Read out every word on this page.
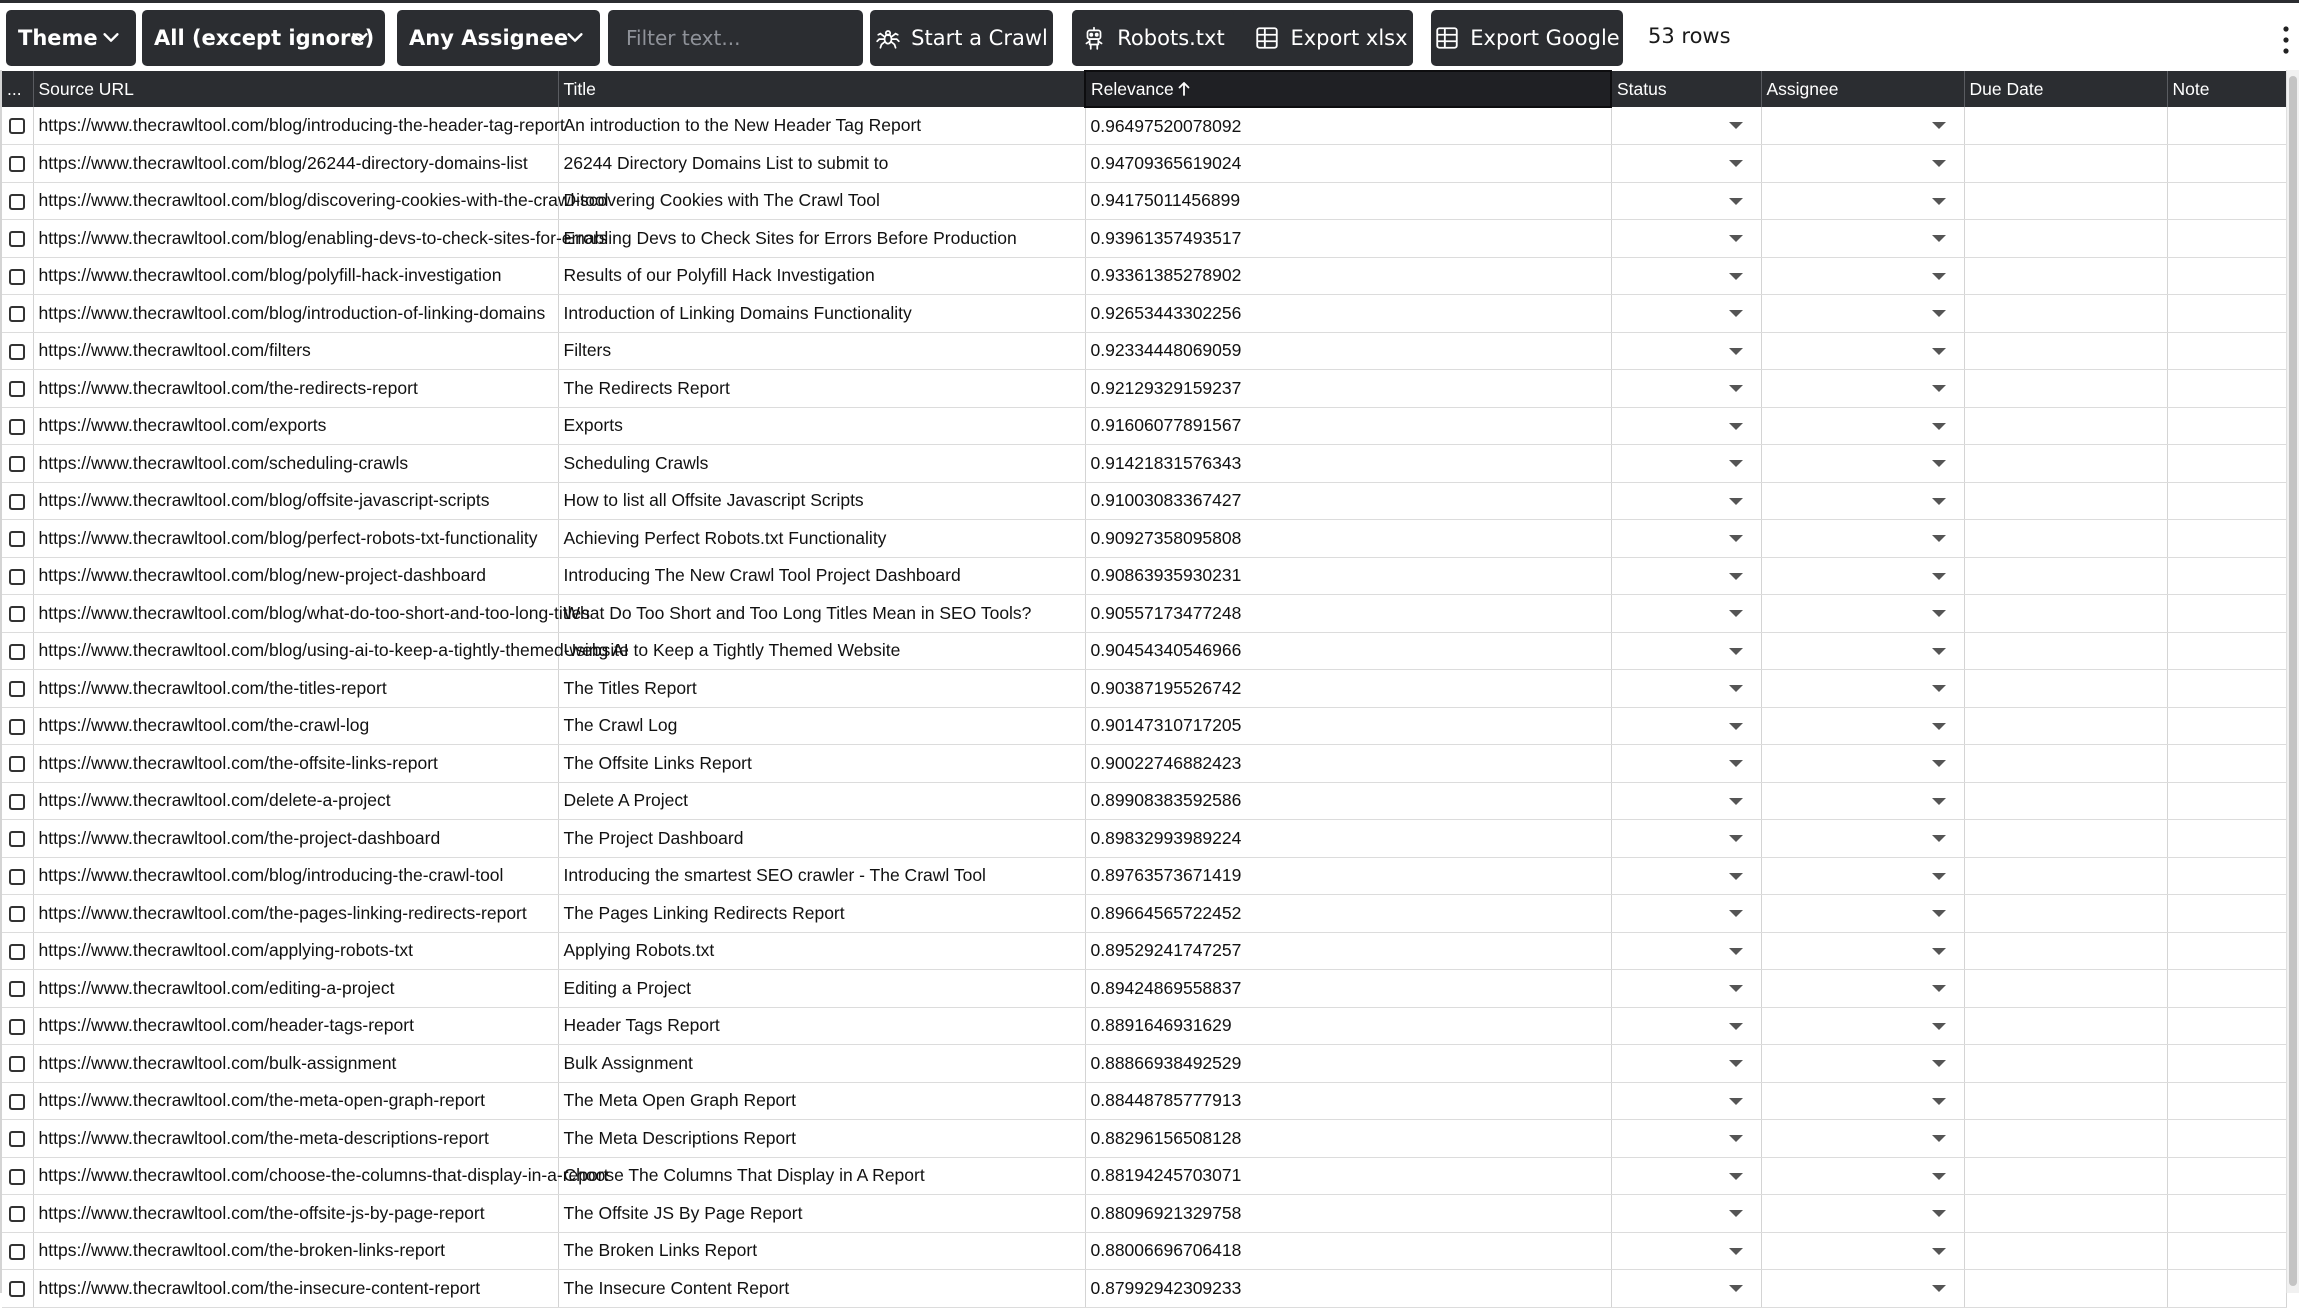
Theme	All (except ignore) Any Assignee
Filter text...	Start a Crawl	Robots.txt	Export xlsx	Export Google 53 rows
...	Source URL	Title	Relevance	Status	Assignee	Due Date	Note
	https://www.thecrawltool.com/blog/introducing-the-header-tag-report	An introduction to the New Header Tag Report	0.96497520078092	

	https://www.thecrawltool.com/blog/26244-directory-domains-list	26244 Directory Domains List to submit to	0.94709365619024	

	https://www.thecrawltool.com/blog/discovering-cookies-with-the-crawl-tool	Discovering Cookies with The Crawl Tool	0.94175011456899	

	https://www.thecrawltool.com/blog/enabling-devs-to-check-sites-for-errors	Enabling Devs to Check Sites for Errors Before Production	0.93961357493517	

	https://www.thecrawltool.com/blog/polyfill-hack-investigation	Results of our Polyfill Hack Investigation	0.93361385278902	

	https://www.thecrawltool.com/blog/introduction-of-linking-domains	Introduction of Linking Domains Functionality	0.92653443302256	

	https://www.thecrawltool.com/filters	Filters	0.92334448069059	

	https://www.thecrawltool.com/the-redirects-report	The Redirects Report	0.92129329159237	

	https://www.thecrawltool.com/exports	Exports	0.91606077891567	

	https://www.thecrawltool.com/scheduling-crawls	Scheduling Crawls	0.91421831576343	

	https://www.thecrawltool.com/blog/offsite-javascript-scripts	How to list all Offsite Javascript Scripts	0.91003083367427	

	https://www.thecrawltool.com/blog/perfect-robots-txt-functionality	Achieving Perfect Robots.txt Functionality	0.90927358095808	

	https://www.thecrawltool.com/blog/new-project-dashboard	Introducing The New Crawl Tool Project Dashboard	0.90863935930231	

	https://www.thecrawltool.com/blog/what-do-too-short-and-too-long-titles	What Do Too Short and Too Long Titles Mean in SEO Tools?	0.90557173477248	

	https://www.thecrawltool.com/blog/using-ai-to-keep-a-tightly-themed-website	Using AI to Keep a Tightly Themed Website	0.90454340546966	

	https://www.thecrawltool.com/the-titles-report	The Titles Report	0.90387195526742	

	https://www.thecrawltool.com/the-crawl-log	The Crawl Log	0.90147310717205	

	https://www.thecrawltool.com/the-offsite-links-report	The Offsite Links Report	0.90022746882423	

	https://www.thecrawltool.com/delete-a-project	Delete A Project	0.89908383592586	

	https://www.thecrawltool.com/the-project-dashboard	The Project Dashboard	0.89832993989224	

	https://www.thecrawltool.com/blog/introducing-the-crawl-tool	Introducing the smartest SEO crawler - The Crawl Tool	0.89763573671419	

	https://www.thecrawltool.com/the-pages-linking-redirects-report	The Pages Linking Redirects Report	0.89664565722452	

	https://www.thecrawltool.com/applying-robots-txt	Applying Robots.txt	0.89529241747257	

	https://www.thecrawltool.com/editing-a-project	Editing a Project	0.89424869558837	

	https://www.thecrawltool.com/header-tags-report	Header Tags Report	0.8891646931629	

	https://www.thecrawltool.com/bulk-assignment	Bulk Assignment	0.88866938492529	

	https://www.thecrawltool.com/the-meta-open-graph-report	The Meta Open Graph Report	0.88448785777913	

	https://www.thecrawltool.com/the-meta-descriptions-report	The Meta Descriptions Report	0.88296156508128	

	https://www.thecrawltool.com/choose-the-columns-that-display-in-a-report	Choose The Columns That Display in A Report	0.88194245703071	

	https://www.thecrawltool.com/the-offsite-js-by-page-report	The Offsite JS By Page Report	0.88096921329758	

	https://www.thecrawltool.com/the-broken-links-report	The Broken Links Report	0.88006696706418	

	https://www.thecrawltool.com/the-insecure-content-report	The Insecure Content Report	0.87992942309233	
